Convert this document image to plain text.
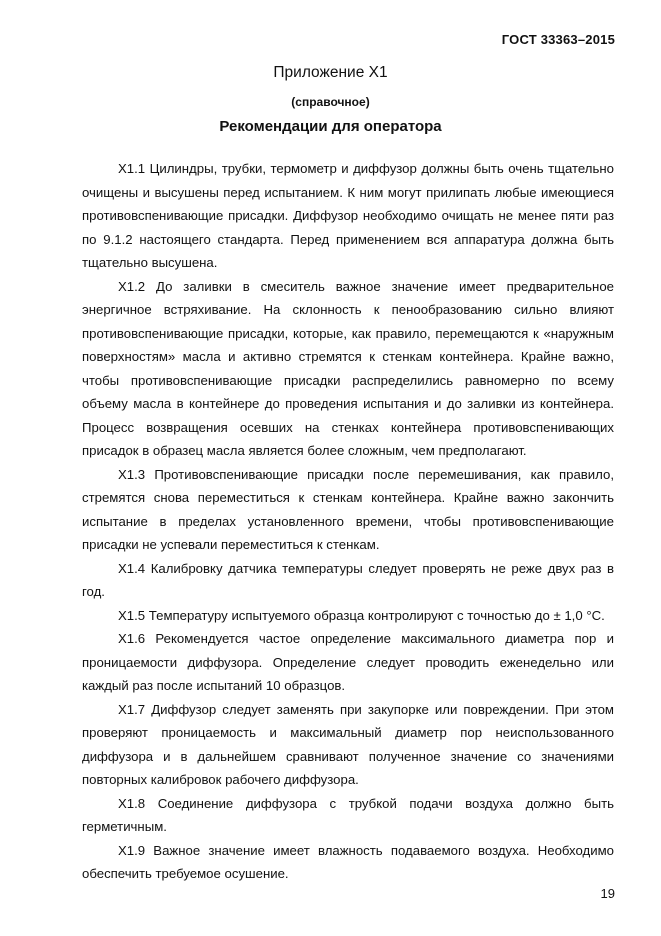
ГОСТ 33363–2015
Приложение Х1
(справочное)
Рекомендации для оператора

Х1.1 Цилиндры, трубки, термометр и диффузор должны быть очень тщательно очищены и высушены перед испытанием. К ним могут прилипать любые имеющиеся противовспенивающие присадки. Диффузор необходимо очищать не менее пяти раз по 9.1.2 настоящего стандарта. Перед применением вся аппаратура должна быть тщательно высушена.

Х1.2 До заливки в смеситель важное значение имеет предварительное энергичное встряхивание. На склонность к пенообразованию сильно влияют противовспенивающие присадки, которые, как правило, перемещаются к «наружным поверхностям» масла и активно стремятся к стенкам контейнера. Крайне важно, чтобы противовспенивающие присадки распределились равномерно по всему объему масла в контейнере до проведения испытания и до заливки из контейнера. Процесс возвращения осевших на стенках контейнера противовспенивающих присадок в образец масла является более сложным, чем предполагают.

Х1.3 Противовспенивающие присадки после перемешивания, как правило, стремятся снова переместиться к стенкам контейнера. Крайне важно закончить испытание в пределах установленного времени, чтобы противовспенивающие присадки не успевали переместиться к стенкам.

Х1.4 Калибровку датчика температуры следует проверять не реже двух раз в год.

Х1.5 Температуру испытуемого образца контролируют с точностью до ± 1,0 °С.

Х1.6 Рекомендуется частое определение максимального диаметра пор и проницаемости диффузора. Определение следует проводить еженедельно или каждый раз после испытаний 10 образцов.

Х1.7 Диффузор следует заменять при закупорке или повреждении. При этом проверяют проницаемость и максимальный диаметр пор неиспользованного диффузора и в дальнейшем сравнивают полученное значение со значениями повторных калибровок рабочего диффузора.

Х1.8 Соединение диффузора с трубкой подачи воздуха должно быть герметичным.

Х1.9 Важное значение имеет влажность подаваемого воздуха. Необходимо обеспечить требуемое осушение.

19
